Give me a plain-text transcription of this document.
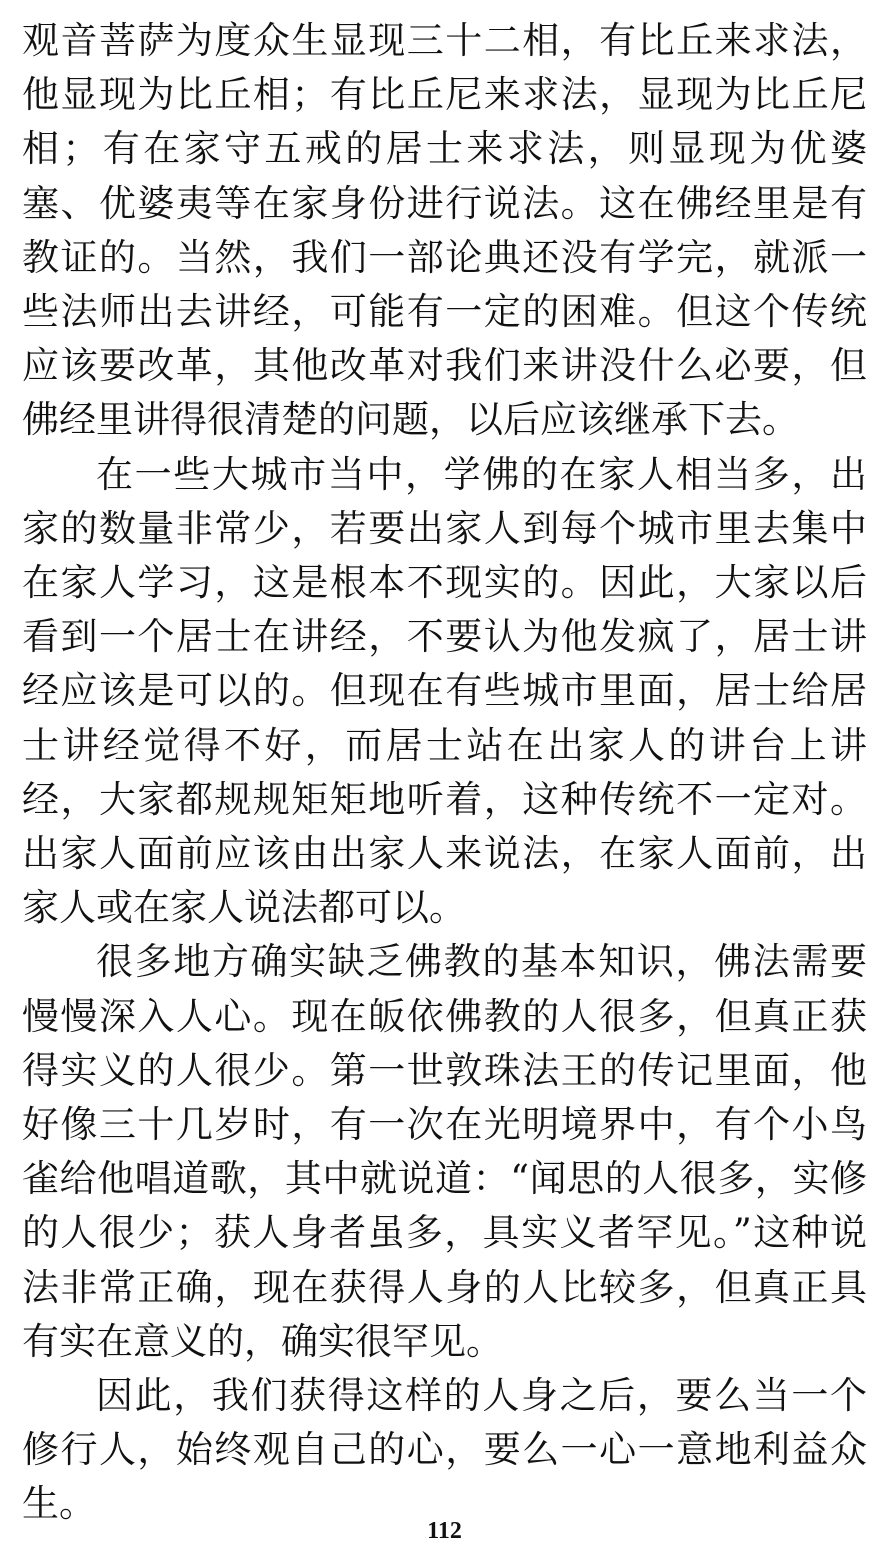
观音菩萨为度众生显现三十二相，有比丘来求法，他显现为比丘相；有比丘尼来求法，显现为比丘尼相；有在家守五戒的居士来求法，则显现为优婆塞、优婆夷等在家身份进行说法。这在佛经里是有教证的。当然，我们一部论典还没有学完，就派一些法师出去讲经，可能有一定的困难。但这个传统应该要改革，其他改革对我们来讲没什么必要，但佛经里讲得很清楚的问题，以后应该继承下去。

在一些大城市当中，学佛的在家人相当多，出家的数量非常少，若要出家人到每个城市里去集中在家人学习，这是根本不现实的。因此，大家以后看到一个居士在讲经，不要认为他发疯了，居士讲经应该是可以的。但现在有些城市里面，居士给居士讲经觉得不好，而居士站在出家人的讲台上讲经，大家都规规矩矩地听着，这种传统不一定对。出家人面前应该由出家人来说法，在家人面前，出家人或在家人说法都可以。

很多地方确实缺乏佛教的基本知识，佛法需要慢慢深入人心。现在皈依佛教的人很多，但真正获得实义的人很少。第一世敦珠法王的传记里面，他好像三十几岁时，有一次在光明境界中，有个小鸟雀给他唱道歌，其中就说道：“闻思的人很多，实修的人很少；获人身者虽多，具实义者罕见。”这种说法非常正确，现在获得人身的人比较多，但真正具有实在意义的，确实很罕见。

因此，我们获得这样的人身之后，要么当一个修行人，始终观自己的心，要么一心一意地利益众生。

112
